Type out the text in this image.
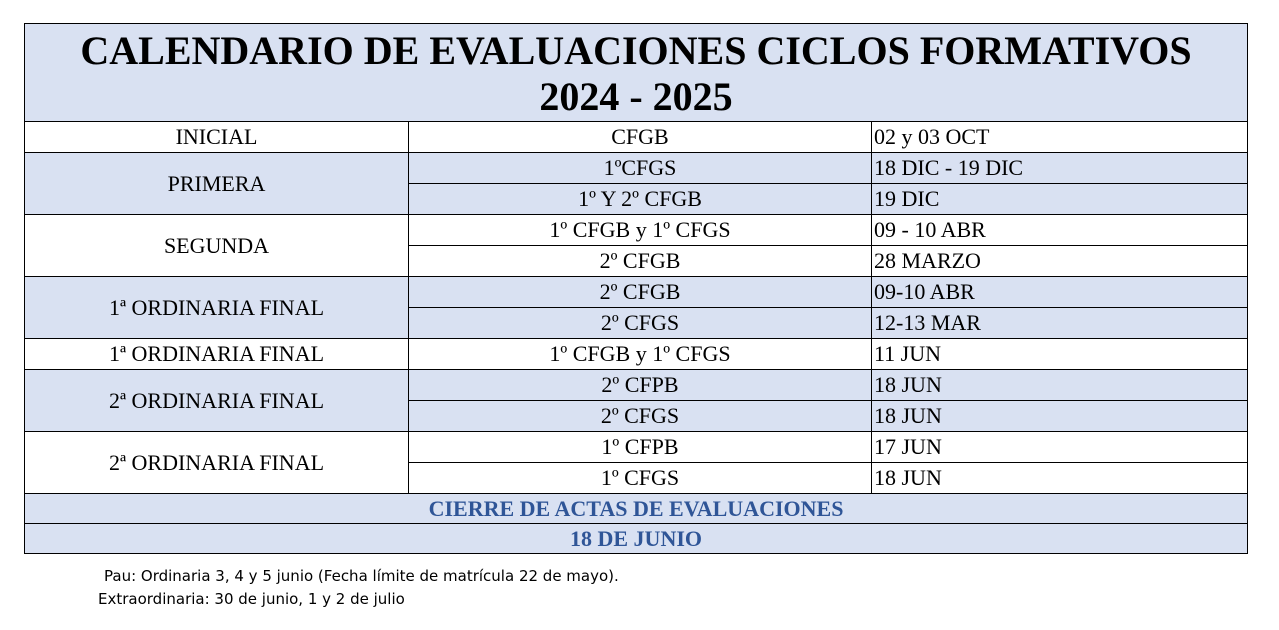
CALENDARIO DE EVALUACIONES CICLOS FORMATIVOS
2024 - 2025		

INICIAL	CFGB	02 y 03 OCT
PRIMERA	1ºCFGS	18 DIC - 19 DIC
	1º Y 2º CFGB	19 DIC
SEGUNDA	1º CFGB y 1º CFGS	09 - 10 ABR
	2º CFGB	28 MARZO
1ª ORDINARIA FINAL	2º CFGB	09-10 ABR
	2º CFGS	12-13 MAR
1ª ORDINARIA FINAL	1º CFGB y 1º CFGS	11 JUN
2ª ORDINARIA FINAL	2º CFPB	18 JUN
	2º CFGS	18 JUN
2ª ORDINARIA FINAL	1º CFPB	17 JUN
	1º CFGS	18 JUN
CIERRE DE ACTAS DE EVALUACIONES		
18 DE JUNIO		
Pau: Ordinaria 3, 4 y 5 junio (Fecha límite de matrícula 22 de mayo).
Extraordinaria: 30 de junio, 1 y 2 de julio
